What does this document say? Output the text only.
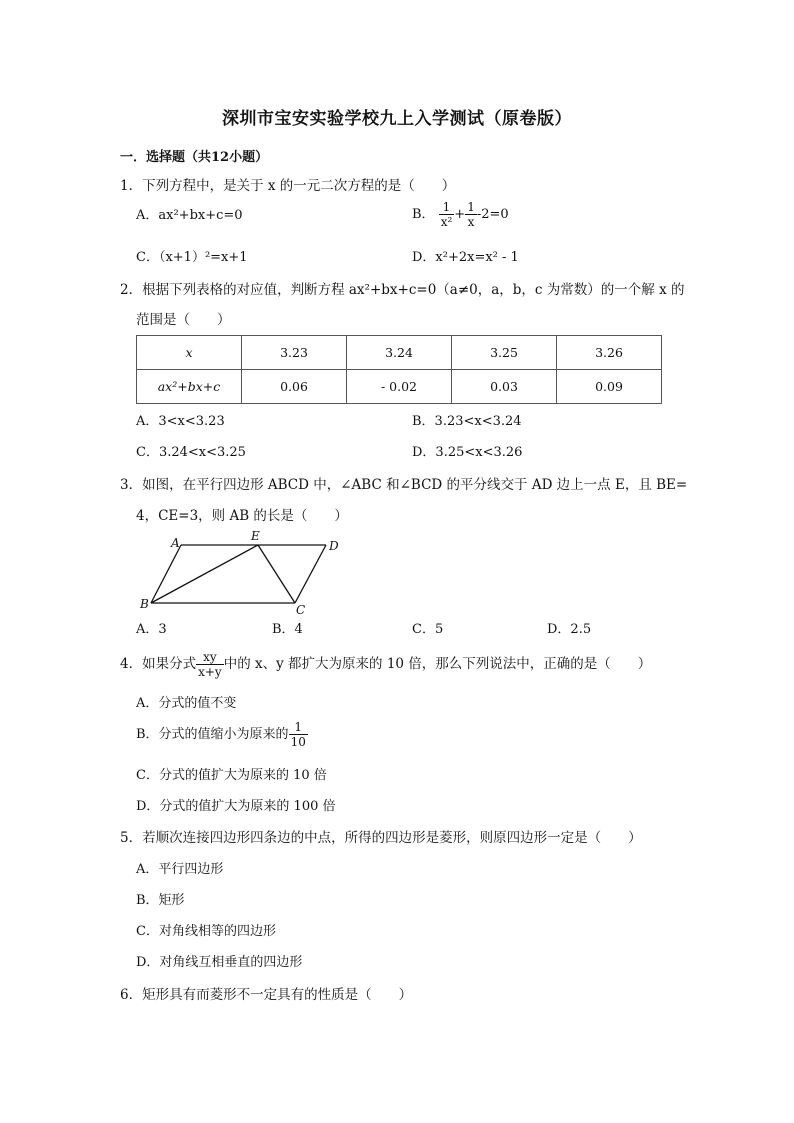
深圳市宝安实验学校九上入学测试（原卷版）
一．选择题（共12小题）
1．下列方程中，是关于 x 的一元二次方程的是（　　）
A．ax²+bx+c=0	B． $\frac{1}{\text{x²}} + \frac{1}{x} -2=0$
C．（x+1）²=x+1	D．x²+2x=x² - 1
2．根据下列表格的对应值，判断方程 ax²+bx+c=0（a≠0，a，b，c 为常数）的一个解 x 的
范围是（　　）
x	3.23	3.24	3.25	3.26
ax²+bx+c	0.06	- 0.02	0.03	0.09
A．3<x<3.23	B．3.23<x<3.24
C．3.24<x<3.25	D．3.25<x<3.26
3．如图，在平行四边形 ABCD 中，∠ABC 和∠BCD 的平分线交于 AD 边上一点 E，且 BE=
4，CE=3，则 AB 的长是（　　）
A	E
D
B	C
A．3	B．4	C．5	D．2.5
4．如果分式 $\frac{xy}{x+y}$ 中的 x、y 都扩大为原来的 10 倍，那么下列说法中，正确的是（　　）
A．分式的值不变
B．分式的值缩小为原来的 $\frac{1}{10}$
C．分式的值扩大为原来的 10 倍
D．分式的值扩大为原来的 100 倍
5．若顺次连接四边形四条边的中点，所得的四边形是菱形，则原四边形一定是（　　）
A．平行四边形
B．矩形
C．对角线相等的四边形
D．对角线互相垂直的四边形
6．矩形具有而菱形不一定具有的性质是（　　）
